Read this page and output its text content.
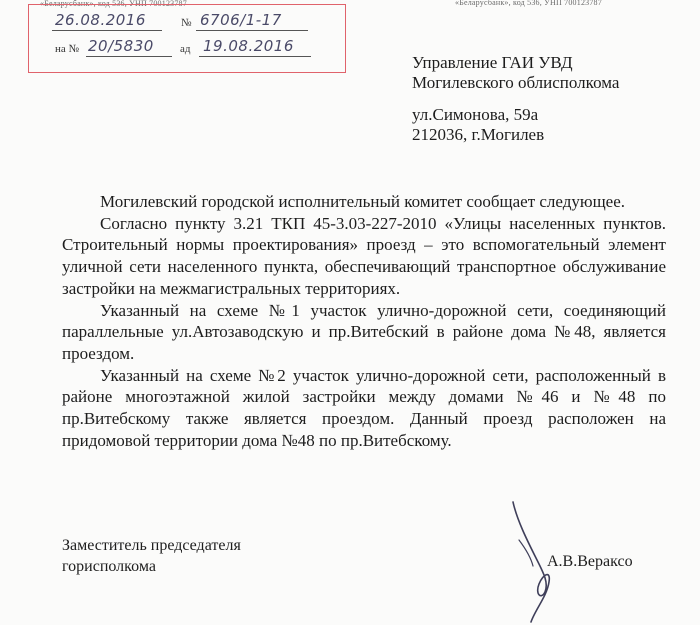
«Беларусбанк», код 536, УНП 700123787	«Беларусбанк», код 536, УНП 700123787
26.08.2016	№ 6706/1-17
на № 20/5830 ад 19.08.2016
Управление ГАИ УВД
Могилевского облисполкома
ул.Симонова, 59а
212036, г.Могилев

Могилевский городской исполнительный комитет сообщает следующее.

Согласно пункту 3.21 ТКП 45-3.03-227-2010 «Улицы населенных пунктов. Строительный нормы проектирования» проезд – это вспомогательный элемент уличной сети населенного пункта, обеспечивающий транспортное обслуживание застройки на межмагистральных территориях.

Указанный на схеме №1 участок улично-дорожной сети, соединяющий параллельные ул.Автозаводскую и пр.Витебский в районе дома №48, является проездом.

Указанный на схеме №2 участок улично-дорожной сети, расположенный в районе многоэтажной жилой застройки между домами №46 и №48 по пр.Витебскому также является проездом. Данный проезд расположен на придомовой территории дома №48 по пр.Витебскому.

Заместитель председателя
горисполкома	А.В.Вераксо
